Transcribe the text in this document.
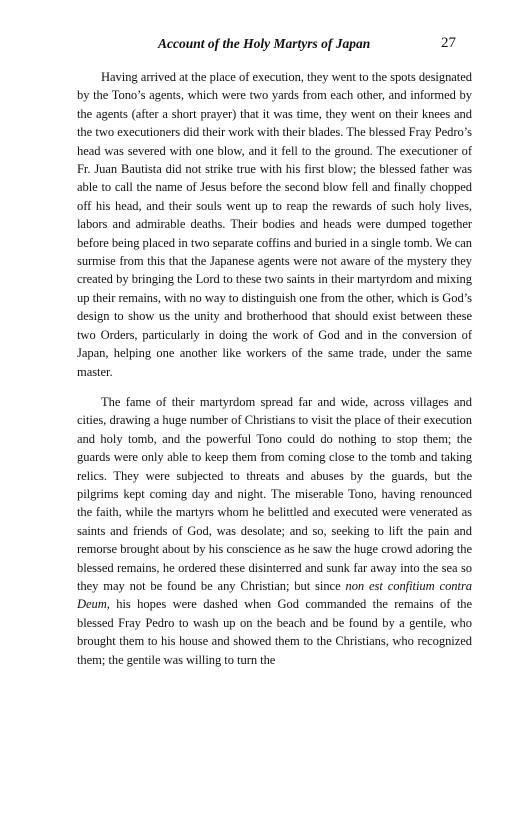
Account of the Holy Martyrs of Japan	27

Having arrived at the place of execution, they went to the spots designated by the Tono’s agents, which were two yards from each other, and informed by the agents (after a short prayer) that it was time, they went on their knees and the two executioners did their work with their blades. The blessed Fray Pedro’s head was severed with one blow, and it fell to the ground. The executioner of Fr. Juan Bautista did not strike true with his first blow; the blessed father was able to call the name of Jesus before the second blow fell and finally chopped off his head, and their souls went up to reap the rewards of such holy lives, labors and admirable deaths. Their bodies and heads were dumped together before being placed in two separate coffins and buried in a single tomb. We can surmise from this that the Japanese agents were not aware of the mystery they created by bringing the Lord to these two saints in their martyrdom and mixing up their remains, with no way to distinguish one from the other, which is God’s design to show us the unity and brotherhood that should exist between these two Orders, particularly in doing the work of God and in the conversion of Japan, helping one another like workers of the same trade, under the same master.

The fame of their martyrdom spread far and wide, across villages and cities, drawing a huge number of Christians to visit the place of their execution and holy tomb, and the powerful Tono could do nothing to stop them; the guards were only able to keep them from coming close to the tomb and taking relics. They were subjected to threats and abuses by the guards, but the pilgrims kept coming day and night. The miserable Tono, having renounced the faith, while the martyrs whom he belittled and executed were venerated as saints and friends of God, was desolate; and so, seeking to lift the pain and remorse brought about by his conscience as he saw the huge crowd adoring the blessed remains, he ordered these disinterred and sunk far away into the sea so they may not be found be any Christian; but since non est confitium contra Deum, his hopes were dashed when God commanded the remains of the blessed Fray Pedro to wash up on the beach and be found by a gentile, who brought them to his house and showed them to the Christians, who recognized them; the gentile was willing to turn the
